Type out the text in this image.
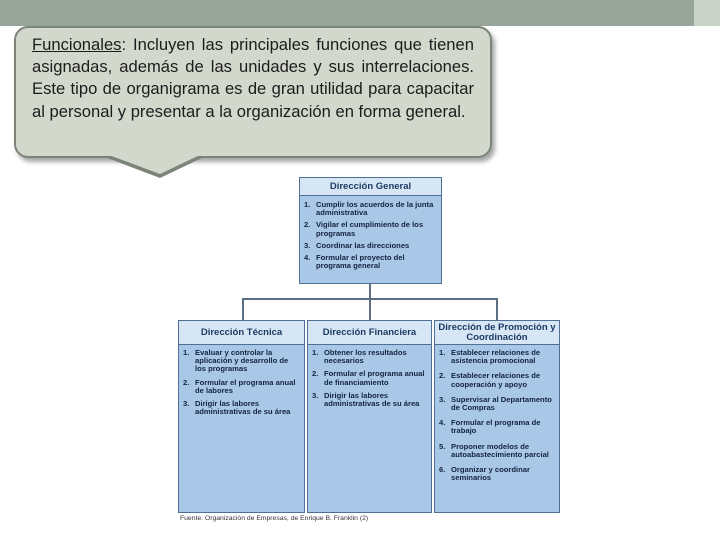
Funcionales: Incluyen las principales funciones que tienen asignadas, además de las unidades y sus interrelaciones. Este tipo de organigrama es de gran utilidad para capacitar al personal y presentar a la organización en forma general.

Dirección General
1. Cumplir los acuerdos de la junta administrativa
2. Vigilar el cumplimiento de los programas
3. Coordinar las direcciones
4. Formular el proyecto del programa general
Dirección Técnica
1. Evaluar y controlar la aplicación y desarrollo de los programas
2. Formular el programa anual de labores
3. Dirigir las labores administrativas de su área
Dirección Financiera
1. Obtener los resultados necesarios
2. Formular el programa anual de financiamiento
3. Dirigir las labores administrativas de su área
Dirección de Promoción y Coordinación
1. Establecer relaciones de asistencia promocional
2. Establecer relaciones de cooperación y apoyo
3. Supervisar al Departamento de Compras
4. Formular el programa de trabajo
5. Proponer modelos de autoabastecimiento parcial
6. Organizar y coordinar seminarios
Fuente: Organización de Empresas, de Enrique B. Franklin (2)
